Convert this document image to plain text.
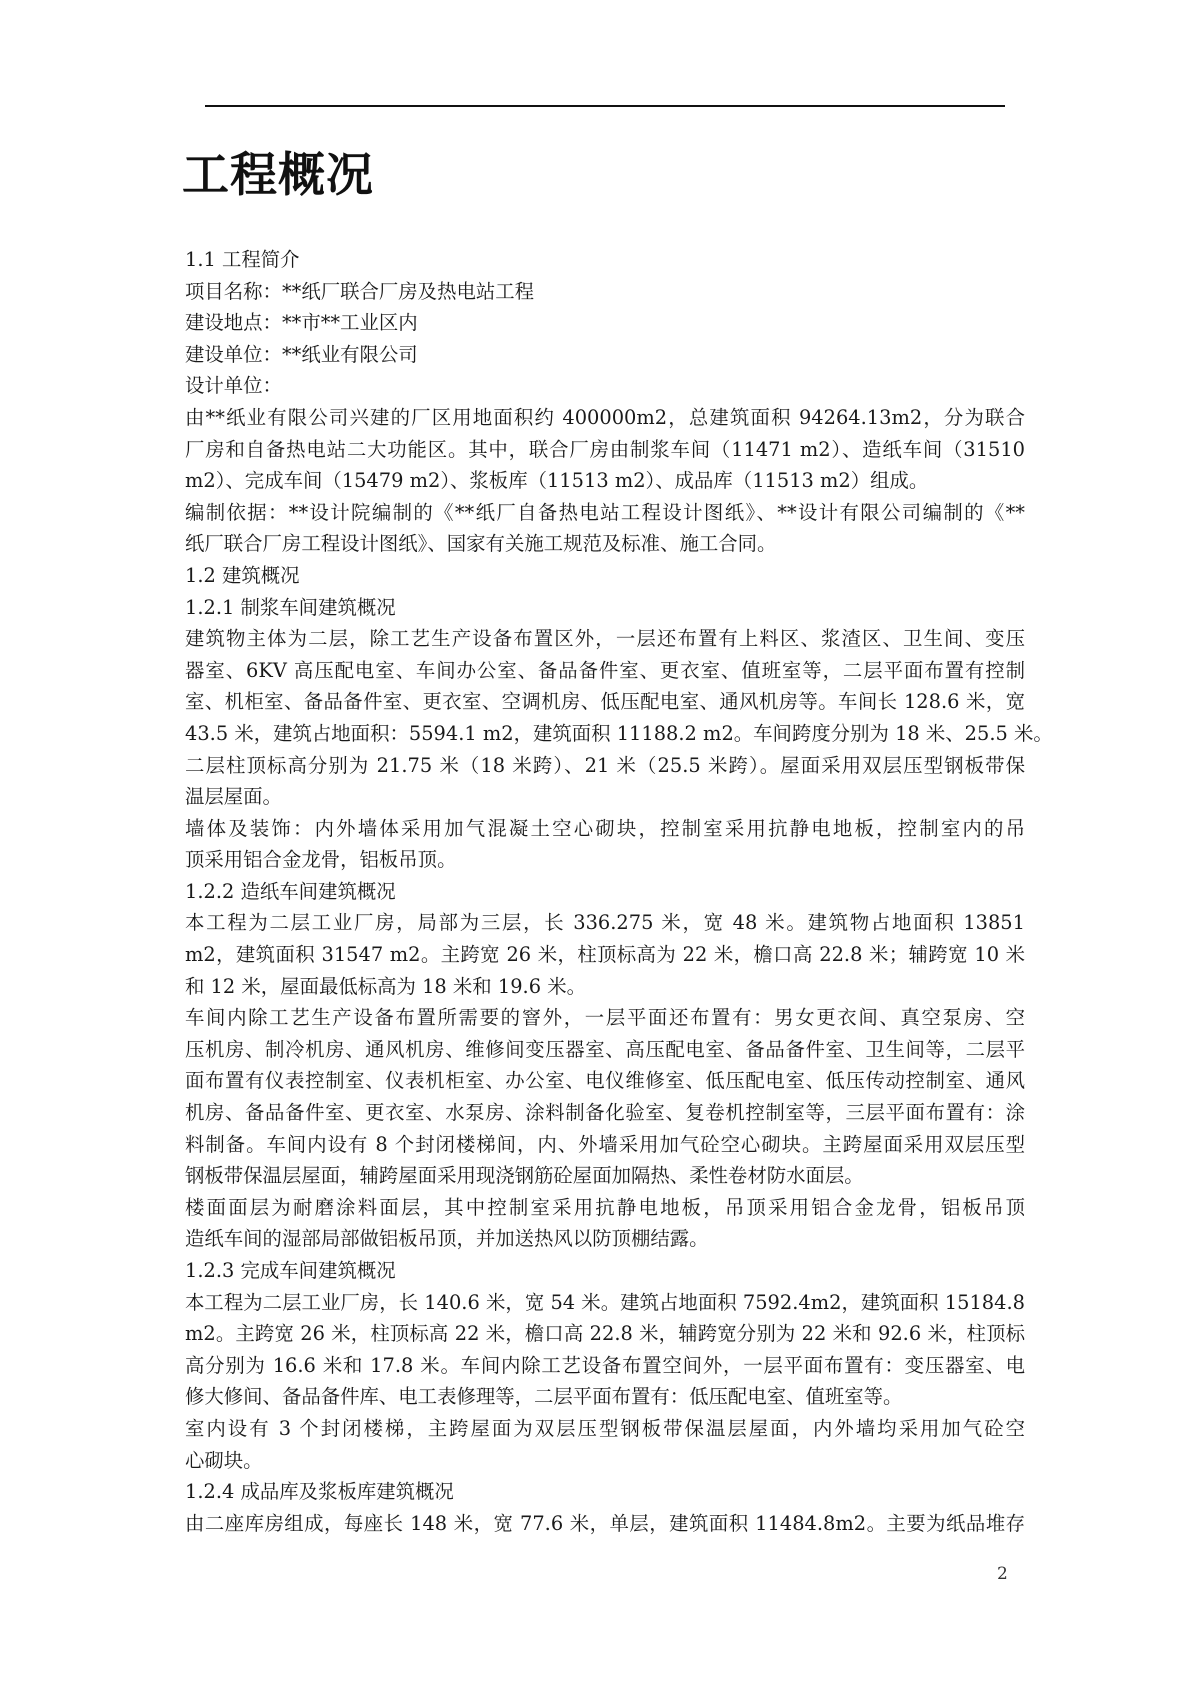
工程概况
1.1 工程简介
项目名称：**纸厂联合厂房及热电站工程
建设地点：**市**工业区内
建设单位：**纸业有限公司
设计单位：
由**纸业有限公司兴建的厂区用地面积约 400000m2，总建筑面积 94264.13m2，分为联合
厂房和自备热电站二大功能区。其中，联合厂房由制浆车间（11471 m2）、造纸车间（31510
m2）、完成车间（15479 m2）、浆板库（11513 m2）、成品库（11513 m2）组成。
编制依据：**设计院编制的《**纸厂自备热电站工程设计图纸》、**设计有限公司编制的《**
纸厂联合厂房工程设计图纸》、国家有关施工规范及标准、施工合同。
1.2 建筑概况
1.2.1 制浆车间建筑概况
建筑物主体为二层，除工艺生产设备布置区外，一层还布置有上料区、浆渣区、卫生间、变压
器室、6KV 高压配电室、车间办公室、备品备件室、更衣室、值班室等，二层平面布置有控制
室、机柜室、备品备件室、更衣室、空调机房、低压配电室、通风机房等。车间长 128.6 米，宽
43.5 米，建筑占地面积：5594.1 m2，建筑面积 11188.2 m2。车间跨度分别为 18 米、25.5 米。
二层柱顶标高分别为 21.75 米（18 米跨）、21 米（25.5 米跨）。屋面采用双层压型钢板带保
温层屋面。
墙体及装饰：内外墙体采用加气混凝土空心砌块，控制室采用抗静电地板，控制室内的吊
顶采用铝合金龙骨，铝板吊顶。
1.2.2 造纸车间建筑概况
本工程为二层工业厂房，局部为三层，长 336.275 米，宽 48 米。建筑物占地面积 13851
m2，建筑面积 31547 m2。主跨宽 26 米，柱顶标高为 22 米，檐口高 22.8 米；辅跨宽 10 米
和 12 米，屋面最低标高为 18 米和 19.6 米。
车间内除工艺生产设备布置所需要的窨外，一层平面还布置有：男女更衣间、真空泵房、空
压机房、制冷机房、通风机房、维修间变压器室、高压配电室、备品备件室、卫生间等，二层平
面布置有仪表控制室、仪表机柜室、办公室、电仪维修室、低压配电室、低压传动控制室、通风
机房、备品备件室、更衣室、水泵房、涂料制备化验室、复卷机控制室等，三层平面布置有：涂
料制备。车间内设有 8 个封闭楼梯间，内、外墙采用加气砼空心砌块。主跨屋面采用双层压型
钢板带保温层屋面，辅跨屋面采用现浇钢筋砼屋面加隔热、柔性卷材防水面层。
楼面面层为耐磨涂料面层，其中控制室采用抗静电地板，吊顶采用铝合金龙骨，铝板吊顶
造纸车间的湿部局部做铝板吊顶，并加送热风以防顶棚结露。
1.2.3 完成车间建筑概况
本工程为二层工业厂房，长 140.6 米，宽 54 米。建筑占地面积 7592.4m2，建筑面积 15184.8
m2。主跨宽 26 米，柱顶标高 22 米，檐口高 22.8 米，辅跨宽分别为 22 米和 92.6 米，柱顶标
高分别为 16.6 米和 17.8 米。车间内除工艺设备布置空间外，一层平面布置有：变压器室、电
修大修间、备品备件库、电工表修理等，二层平面布置有：低压配电室、值班室等。
室内设有 3 个封闭楼梯，主跨屋面为双层压型钢板带保温层屋面，内外墙均采用加气砼空
心砌块。
1.2.4 成品库及浆板库建筑概况
由二座库房组成，每座长 148 米，宽 77.6 米，单层，建筑面积 11484.8m2。主要为纸品堆存
2
